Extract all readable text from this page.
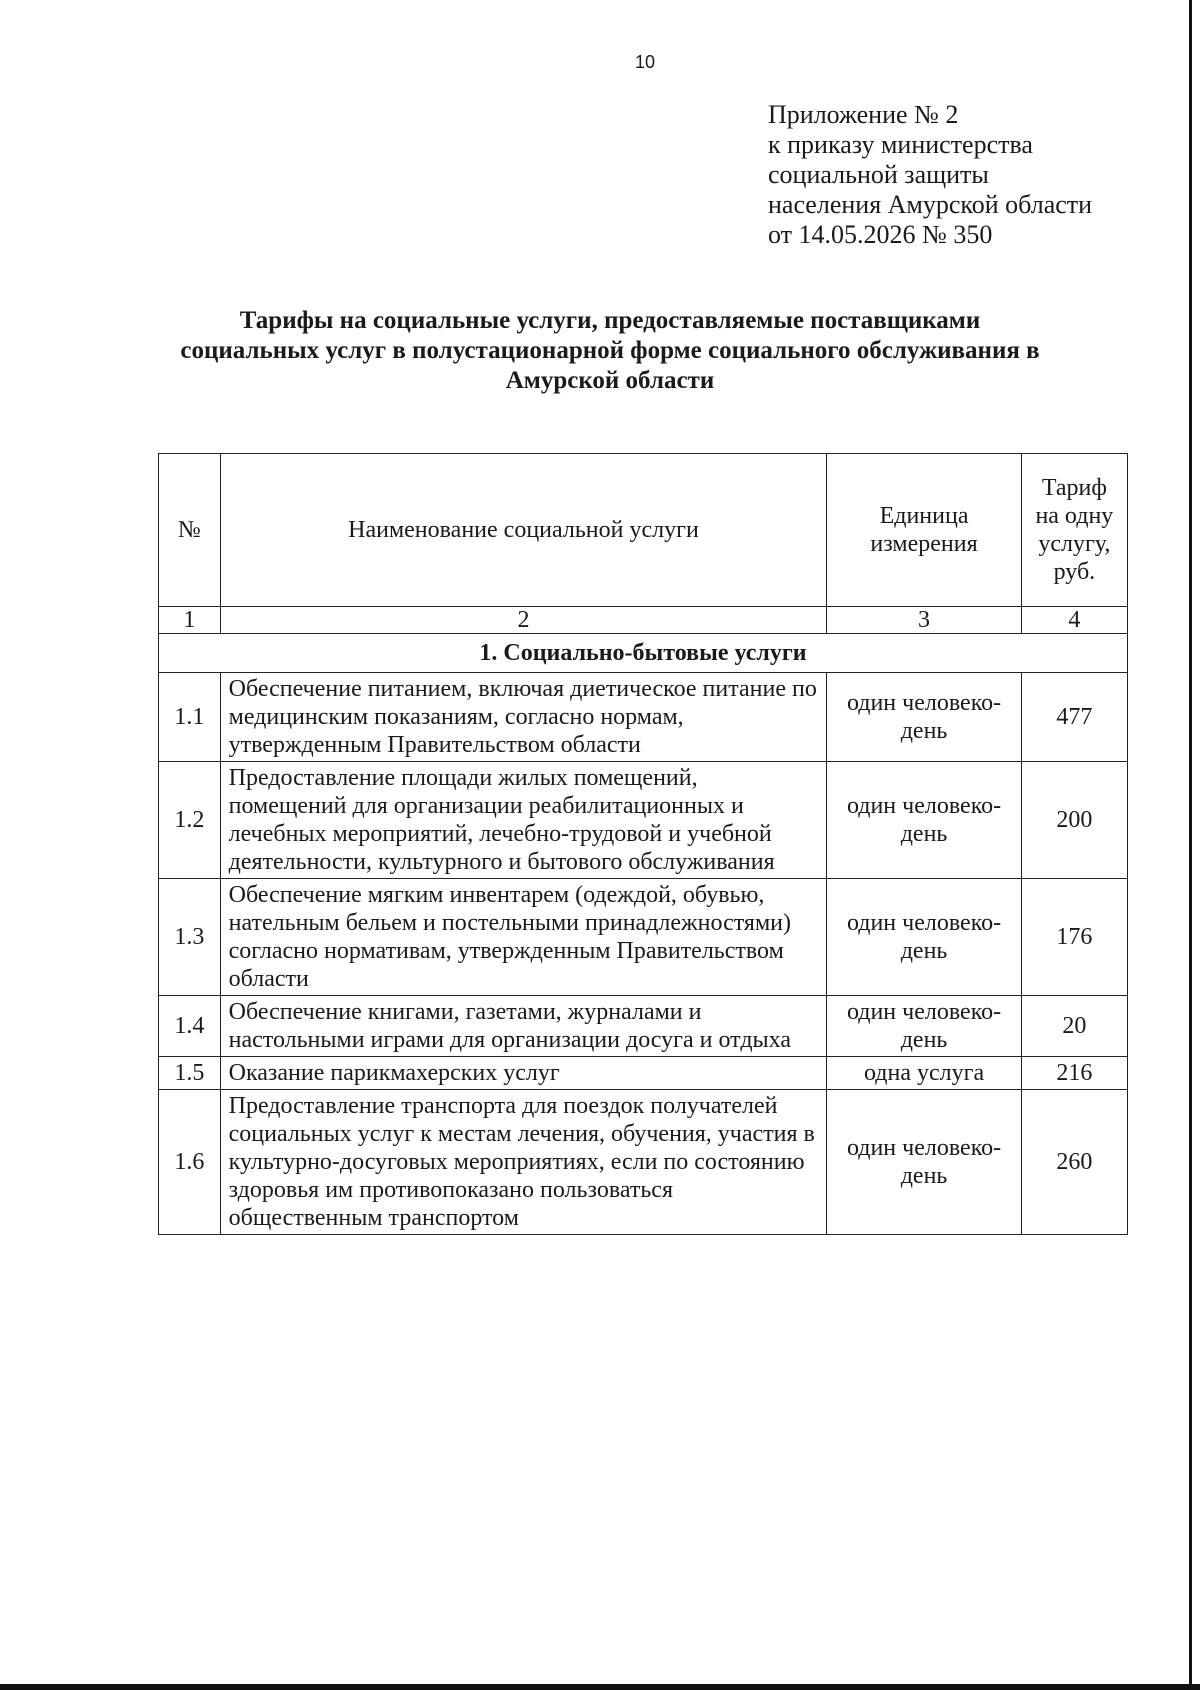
10
Приложение № 2
к приказу министерства
социальной защиты
населения Амурской области
от 14.05.2026 № 350
Тарифы на социальные услуги, предоставляемые поставщиками
социальных услуг в полустационарной форме социального обслуживания в
Амурской области
№	Наименование социальной услуги	Единица измерения	Тариф на одну услугу, руб.
1	2	3	4
1. Социально-бытовые услуги			
1.1	Обеспечение питанием, включая диетическое питание по медицинским показаниям, согласно нормам, утвержденным Правительством области	один человеко-день	477
1.2	Предоставление площади жилых помещений, помещений для организации реабилитационных и лечебных мероприятий, лечебно-трудовой и учебной деятельности, культурного и бытового обслуживания	один человеко-день	200
1.3	Обеспечение мягким инвентарем (одеждой, обувью, нательным бельем и постельными принадлежностями) согласно нормативам, утвержденным Правительством области	один человеко-день	176
1.4	Обеспечение книгами, газетами, журналами и настольными играми для организации досуга и отдыха	один человеко-день	20
1.5	Оказание парикмахерских услуг	одна услуга	216
1.6	Предоставление транспорта для поездок получателей социальных услуг к местам лечения, обучения, участия в культурно-досуговых мероприятиях, если по состоянию здоровья им противопоказано пользоваться общественным транспортом	один человеко-день	260
